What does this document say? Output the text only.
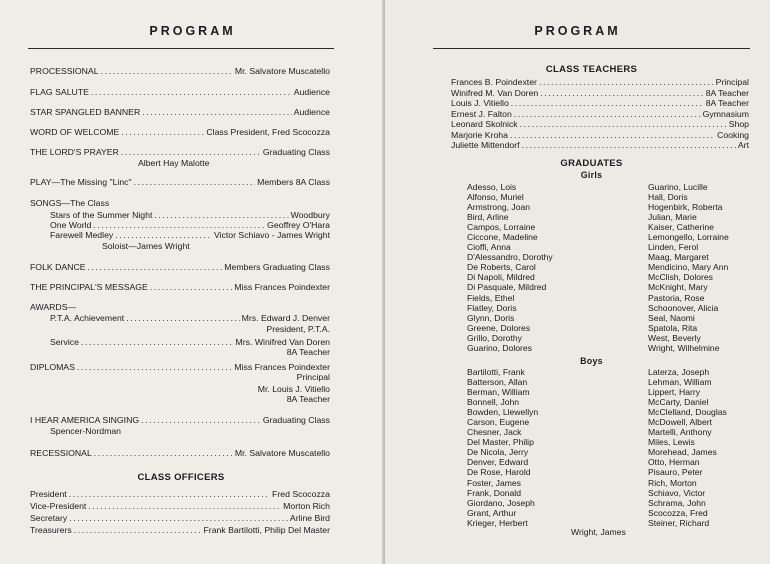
PROGRAM
PROCESSIONAL .....	Mr. Salvatore Muscatello
FLAG SALUTE .....	Audience
STAR SPANGLED BANNER .....	Audience
WORD OF WELCOME .....	Class President, Fred Scocozza
THE LORD'S PRAYER .....	Graduating Class
Albert Hay Malotte
PLAY—The Missing "Linc" .....	Members 8A Class
SONGS—The Class
Stars of the Summer Night .....	Woodbury
One World .....	Geoffrey O'Hara
Farewell Medley .....	Victor Schiavo - James Wright
Soloist—James Wright
FOLK DANCE .....	Members Graduating Class
THE PRINCIPAL'S MESSAGE .....	Miss Frances Poindexter
AWARDS—
P.T.A. Achievement .....	Mrs. Edward J. Denver
President, P.T.A.
Service .....	Mrs. Winifred Van Doren
8A Teacher
DIPLOMAS .....	Miss Frances Poindexter
Principal
Mr. Louis J. Vitiello
8A Teacher
I HEAR AMERICA SINGING .....	Graduating Class
Spencer-Nordman
RECESSIONAL .....	Mr. Salvatore Muscatello
CLASS OFFICERS
President .....	Fred Scocozza
Vice-President .....	Morton Rich
Secretary .....	Arline Bird
Treasurers .....	Frank Bartilotti, Philip Del Master
PROGRAM
CLASS TEACHERS
Frances B. Poindexter .....	Principal
Winifred M. Van Doren .....	8A Teacher
Louis J. Vitiello .....	8A Teacher
Ernest J. Falton .....	Gymnasium
Leonard Skolnick .....	Shop
Marjorie Kroha .....	Cooking
Juliette Mittendorf .....	Art
GRADUATES
Girls
Adesso, Lois
Alfonso, Muriel
Armstrong, Joan
Bird, Arline
Campos, Lorraine
Ciccone, Madeline
Cioffi, Anna
D'Alessandro, Dorothy
De Roberts, Carol
Di Napoli, Mildred
Di Pasquale, Mildred
Fields, Ethel
Flatley, Doris
Glynn, Doris
Greene, Dolores
Grillo, Dorothy
Guarino, Dolores
Guarino, Lucille
Hall, Doris
Hogenbirk, Roberta
Julian, Marie
Kaiser, Catherine
Lemongello, Lorraine
Linden, Ferol
Maag, Margaret
Mendicino, Mary Ann
McClish, Dolores
McKnight, Mary
Pastoria, Rose
Schoonover, Alicia
Seal, Naomi
Spatola, Rita
West, Beverly
Wright, Wilhelmine
Boys
Bartilotti, Frank
Batterson, Allan
Berman, William
Bonnell, John
Bowden, Llewellyn
Carson, Eugene
Chesner, Jack
Del Master, Philip
De Nicola, Jerry
Denver, Edward
De Rose, Harold
Foster, James
Frank, Donald
Giordano, Joseph
Grant, Arthur
Krieger, Herbert
Laterza, Joseph
Lehman, William
Lippert, Harry
McCarty, Daniel
McClelland, Douglas
McDowell, Albert
Martelli, Anthony
Miles, Lewis
Morehead, James
Otto, Herman
Pisauro, Peter
Rich, Morton
Schiavo, Victor
Schrama, John
Scocozza, Fred
Steiner, Richard
Wright, James
